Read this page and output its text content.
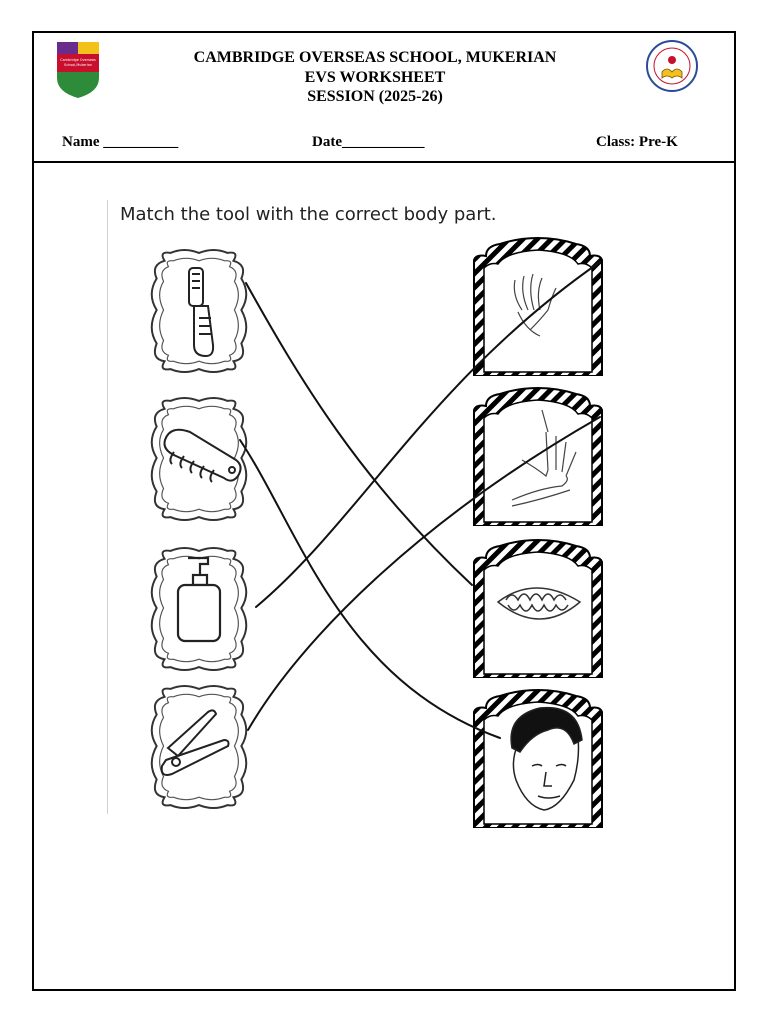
CAMBRIDGE OVERSEAS SCHOOL, MUKERIAN
EVS WORKSHEET
SESSION (2025-26)
Name __________	Date___________	Class: Pre-K
Match the tool with the correct body part.
Cambridge Overseas
School,Mukerian
